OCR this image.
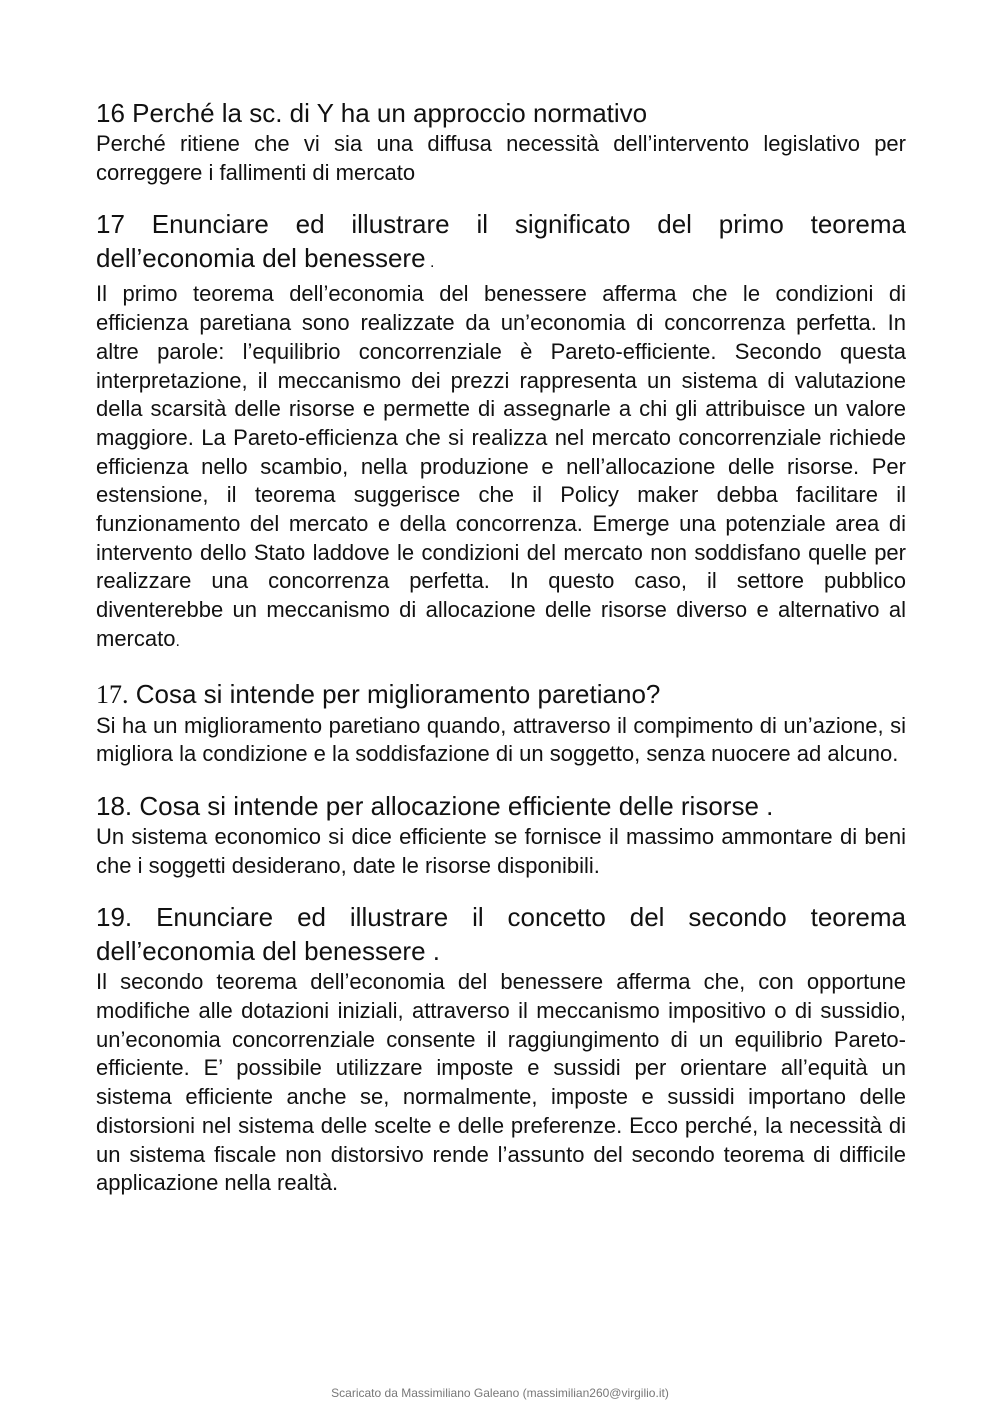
16 Perché la sc. di Y ha un approccio normativo

Perché ritiene che vi sia una diffusa necessità dell’intervento legislativo per correggere i fallimenti di mercato

17 Enunciare ed illustrare il significato del primo teorema dell’economia del benessere .

Il primo teorema dell’economia del benessere afferma che le condizioni di efficienza paretiana sono realizzate da un’economia di concorrenza perfetta. In altre parole: l’equilibrio concorrenziale è Pareto-efficiente. Secondo questa interpretazione, il meccanismo dei prezzi rappresenta un sistema di valutazione della scarsità delle risorse e permette di assegnarle a chi gli attribuisce un valore maggiore. La Pareto-efficienza che si realizza nel mercato concorrenziale richiede efficienza nello scambio, nella produzione e nell’allocazione delle risorse. Per estensione, il teorema suggerisce che il Policy maker debba facilitare il funzionamento del mercato e della concorrenza. Emerge una potenziale area di intervento dello Stato laddove le condizioni del mercato non soddisfano quelle per realizzare una concorrenza perfetta. In questo caso, il settore pubblico diventerebbe un meccanismo di allocazione delle risorse diverso e alternativo al mercato.

17. Cosa si intende per miglioramento paretiano?

Si ha un miglioramento paretiano quando, attraverso il compimento di un’azione, si migliora la condizione e la soddisfazione di un soggetto, senza nuocere ad alcuno.

18. Cosa si intende per allocazione efficiente delle risorse .

Un sistema economico si dice efficiente se fornisce il massimo ammontare di beni che i soggetti desiderano, date le risorse disponibili.

19. Enunciare ed illustrare il concetto del secondo teorema dell’economia del benessere .

Il secondo teorema dell’economia del benessere afferma che, con opportune modifiche alle dotazioni iniziali, attraverso il meccanismo impositivo o di sussidio, un’economia concorrenziale consente il raggiungimento di un equilibrio Pareto-efficiente. E’ possibile utilizzare imposte e sussidi per orientare all’equità un sistema efficiente anche se, normalmente, imposte e sussidi importano delle distorsioni nel sistema delle scelte e delle preferenze. Ecco perché, la necessità di un sistema fiscale non distorsivo rende l’assunto del secondo teorema di difficile applicazione nella realtà.

Scaricato da Massimiliano Galeano (massimilian260@virgilio.it)
